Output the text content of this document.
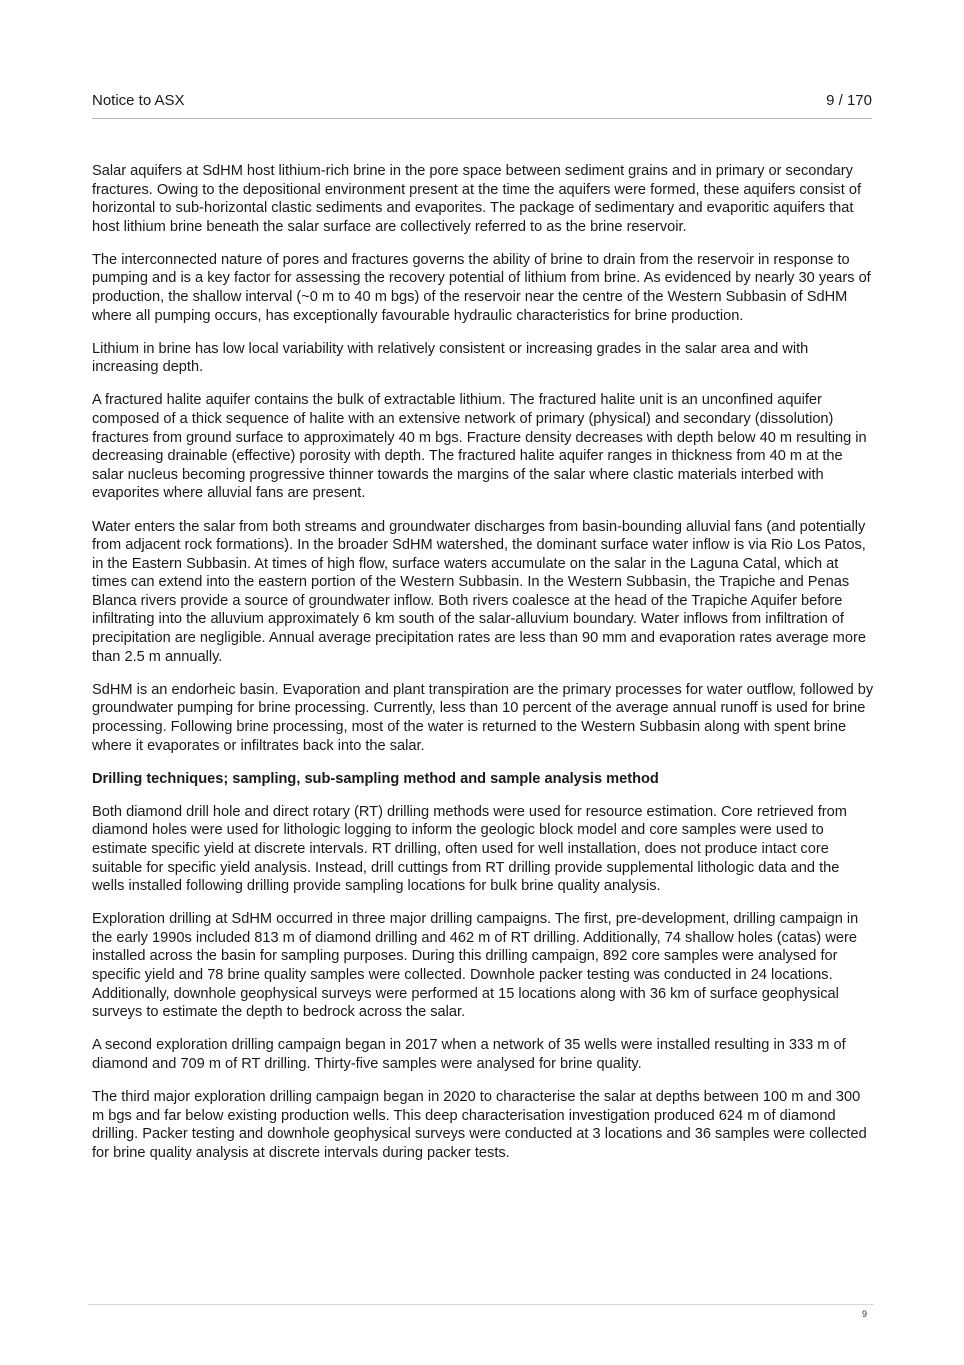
Notice to ASX	9 / 170

Salar aquifers at SdHM host lithium-rich brine in the pore space between sediment grains and in primary or secondary fractures. Owing to the depositional environment present at the time the aquifers were formed, these aquifers consist of horizontal to sub-horizontal clastic sediments and evaporites. The package of sedimentary and evaporitic aquifers that host lithium brine beneath the salar surface are collectively referred to as the brine reservoir.

The interconnected nature of pores and fractures governs the ability of brine to drain from the reservoir in response to pumping and is a key factor for assessing the recovery potential of lithium from brine. As evidenced by nearly 30 years of production, the shallow interval (~0 m to 40 m bgs) of the reservoir near the centre of the Western Subbasin of SdHM where all pumping occurs, has exceptionally favourable hydraulic characteristics for brine production.

Lithium in brine has low local variability with relatively consistent or increasing grades in the salar area and with increasing depth.

A fractured halite aquifer contains the bulk of extractable lithium. The fractured halite unit is an unconfined aquifer composed of a thick sequence of halite with an extensive network of primary (physical) and secondary (dissolution) fractures from ground surface to approximately 40 m bgs. Fracture density decreases with depth below 40 m resulting in decreasing drainable (effective) porosity with depth. The fractured halite aquifer ranges in thickness from 40 m at the salar nucleus becoming progressive thinner towards the margins of the salar where clastic materials interbed with evaporites where alluvial fans are present.

Water enters the salar from both streams and groundwater discharges from basin-bounding alluvial fans (and potentially from adjacent rock formations). In the broader SdHM watershed, the dominant surface water inflow is via Rio Los Patos, in the Eastern Subbasin. At times of high flow, surface waters accumulate on the salar in the Laguna Catal, which at times can extend into the eastern portion of the Western Subbasin. In the Western Subbasin, the Trapiche and Penas Blanca rivers provide a source of groundwater inflow. Both rivers coalesce at the head of the Trapiche Aquifer before infiltrating into the alluvium approximately 6 km south of the salar-alluvium boundary. Water inflows from infiltration of precipitation are negligible. Annual average precipitation rates are less than 90 mm and evaporation rates average more than 2.5 m annually.

SdHM is an endorheic basin. Evaporation and plant transpiration are the primary processes for water outflow, followed by groundwater pumping for brine processing. Currently, less than 10 percent of the average annual runoff is used for brine processing. Following brine processing, most of the water is returned to the Western Subbasin along with spent brine where it evaporates or infiltrates back into the salar.

Drilling techniques; sampling, sub-sampling method and sample analysis method

Both diamond drill hole and direct rotary (RT) drilling methods were used for resource estimation. Core retrieved from diamond holes were used for lithologic logging to inform the geologic block model and core samples were used to estimate specific yield at discrete intervals. RT drilling, often used for well installation, does not produce intact core suitable for specific yield analysis. Instead, drill cuttings from RT drilling provide supplemental lithologic data and the wells installed following drilling provide sampling locations for bulk brine quality analysis.

Exploration drilling at SdHM occurred in three major drilling campaigns. The first, pre-development, drilling campaign in the early 1990s included 813 m of diamond drilling and 462 m of RT drilling. Additionally, 74 shallow holes (catas) were installed across the basin for sampling purposes. During this drilling campaign, 892 core samples were analysed for specific yield and 78 brine quality samples were collected. Downhole packer testing was conducted in 24 locations. Additionally, downhole geophysical surveys were performed at 15 locations along with 36 km of surface geophysical surveys to estimate the depth to bedrock across the salar.

A second exploration drilling campaign began in 2017 when a network of 35 wells were installed resulting in 333 m of diamond and 709 m of RT drilling. Thirty-five samples were analysed for brine quality.

The third major exploration drilling campaign began in 2020 to characterise the salar at depths between 100 m and 300 m bgs and far below existing production wells. This deep characterisation investigation produced 624 m of diamond drilling. Packer testing and downhole geophysical surveys were conducted at 3 locations and 36 samples were collected for brine quality analysis at discrete intervals during packer tests.

9
